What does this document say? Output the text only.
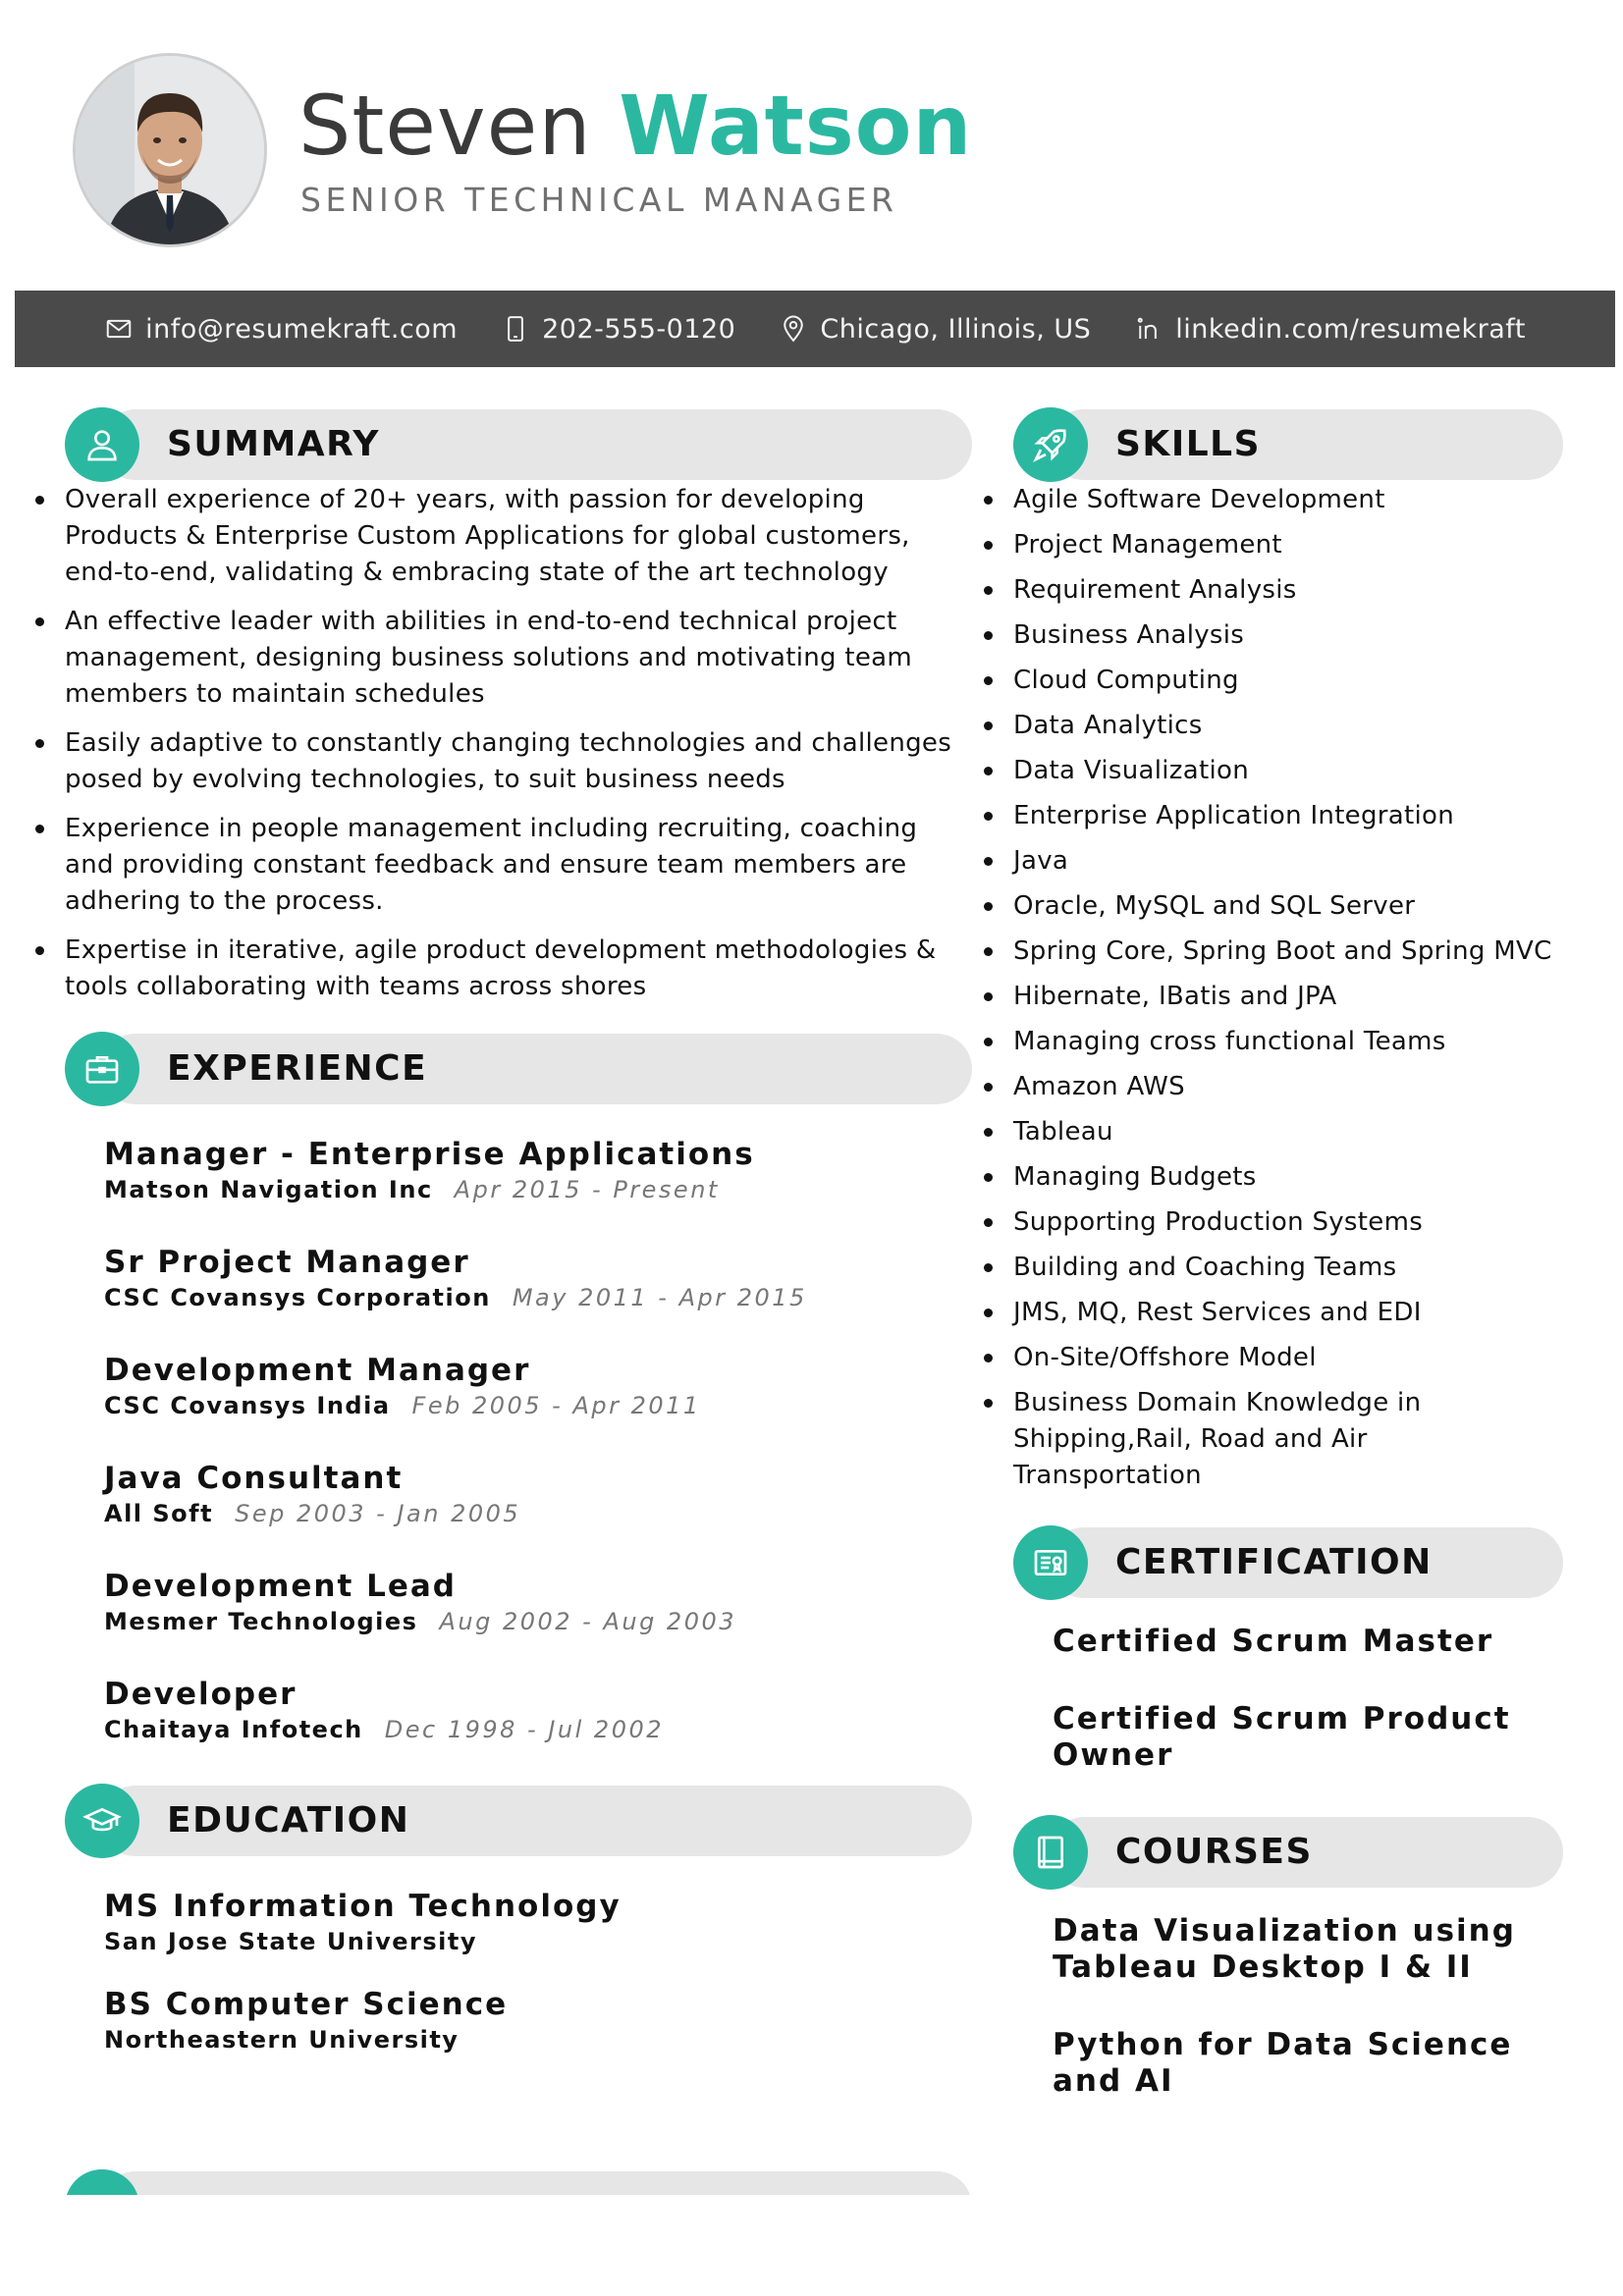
Steven Watson
SENIOR TECHNICAL MANAGER
info@resumekraft.com	202-555-0120	Chicago, Illinois, US	linkedin.com/resumekraft
SUMMARY
Overall experience of 20+ years, with passion for developing Products & Enterprise Custom Applications for global customers, end-to-end, validating & embracing state of the art technology
An effective leader with abilities in end-to-end technical project management, designing business solutions and motivating team members to maintain schedules
Easily adaptive to constantly changing technologies and challenges posed by evolving technologies, to suit business needs
Experience in people management including recruiting, coaching and providing constant feedback and ensure team members are adhering to the process.
Expertise in iterative, agile product development methodologies & tools collaborating with teams across shores
EXPERIENCE
Manager - Enterprise Applications
Matson Navigation Inc Apr 2015 - Present
Sr Project Manager
CSC Covansys Corporation May 2011 - Apr 2015
Development Manager
CSC Covansys India Feb 2005 - Apr 2011
Java Consultant
All Soft Sep 2003 - Jan 2005
Development Lead
Mesmer Technologies Aug 2002 - Aug 2003
Developer
Chaitaya Infotech Dec 1998 - Jul 2002
EDUCATION
MS Information Technology
San Jose State University
BS Computer Science
Northeastern University
SKILLS
Agile Software Development
Project Management
Requirement Analysis
Business Analysis
Cloud Computing
Data Analytics
Data Visualization
Enterprise Application Integration
Java
Oracle, MySQL and SQL Server
Spring Core, Spring Boot and Spring MVC
Hibernate, IBatis and JPA
Managing cross functional Teams
Amazon AWS
Tableau
Managing Budgets
Supporting Production Systems
Building and Coaching Teams
JMS, MQ, Rest Services and EDI
On-Site/Offshore Model
Business Domain Knowledge in Shipping,Rail, Road and Air Transportation
CERTIFICATION
Certified Scrum Master
Certified Scrum Product Owner
COURSES
Data Visualization using Tableau Desktop I & II
Python for Data Science and AI
